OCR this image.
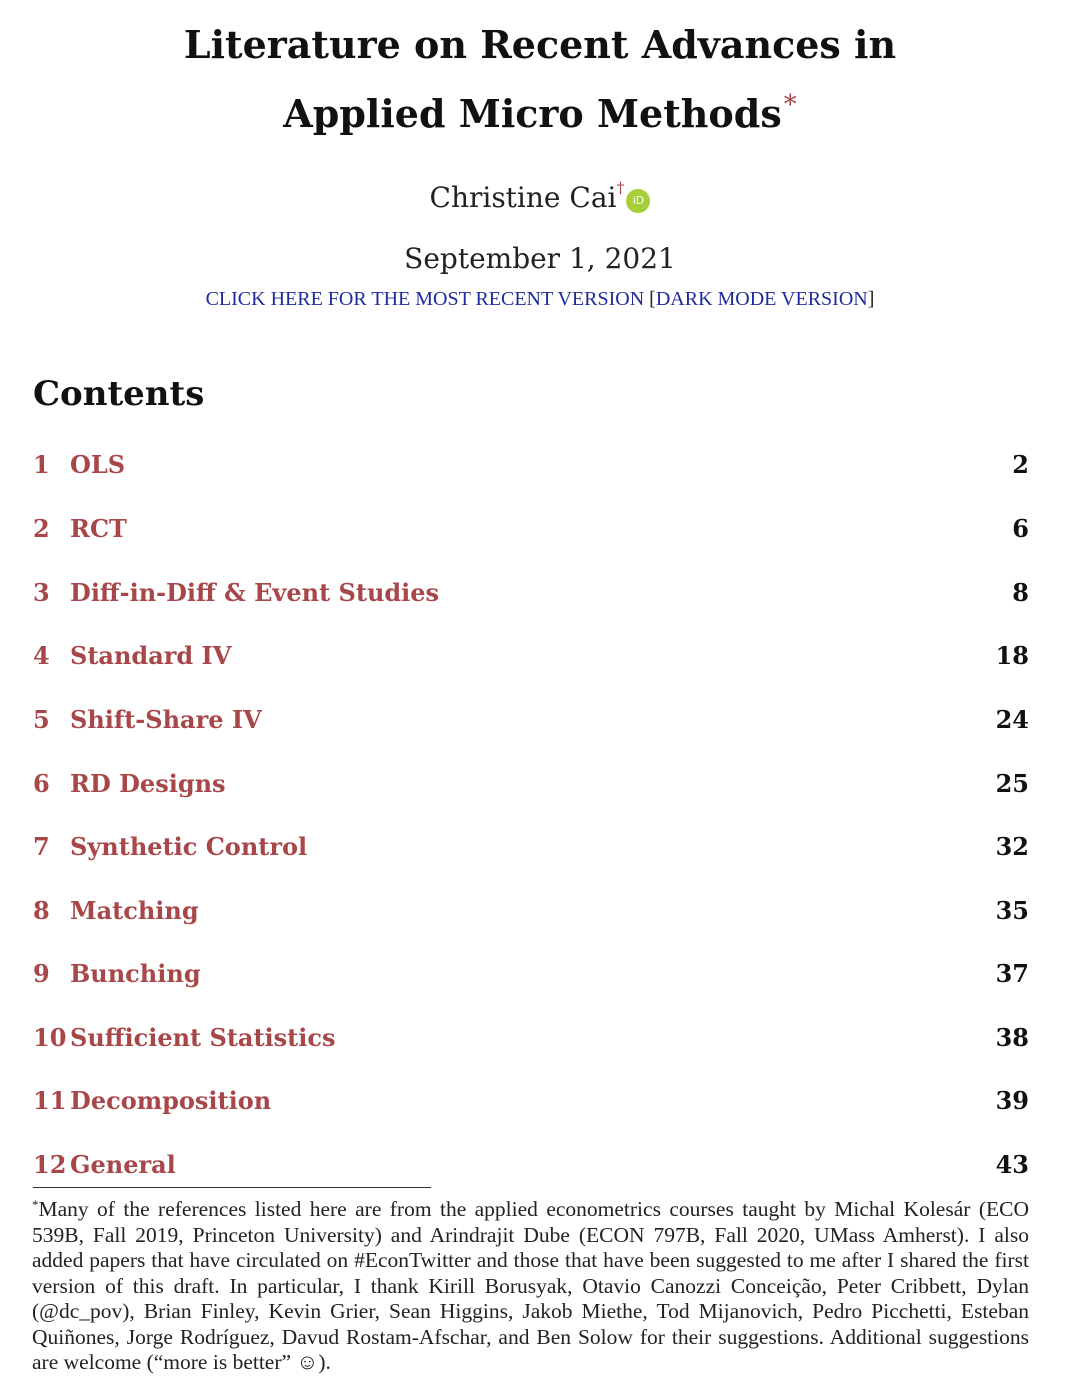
Literature on Recent Advances in
Applied Micro Methods*
Christine Cai†iD
September 1, 2021
CLICK HERE FOR THE MOST RECENT VERSION [DARK MODE VERSION]
Contents
1 OLS	2
2 RCT	6
3 Diff-in-Diff & Event Studies	8
4 Standard IV	18
5 Shift-Share IV	24
6 RD Designs	25
7 Synthetic Control	32
8 Matching	35
9 Bunching	37
10 Sufficient Statistics	38
11 Decomposition	39
12 General	43

*Many of the references listed here are from the applied econometrics courses taught by Michal Kolesár (ECO 539B, Fall 2019, Princeton University) and Arindrajit Dube (ECON 797B, Fall 2020, UMass Amherst). I also added papers that have circulated on #EconTwitter and those that have been suggested to me after I shared the first version of this draft. In particular, I thank Kirill Borusyak, Otavio Canozzi Conceição, Peter Cribbett, Dylan (@dc_pov), Brian Finley, Kevin Grier, Sean Higgins, Jakob Miethe, Tod Mijanovich, Pedro Picchetti, Esteban Quiñones, Jorge Rodríguez, Davud Rostam-Afschar, and Ben Solow for their suggestions. Additional suggestions are welcome (“more is better” ☺).
